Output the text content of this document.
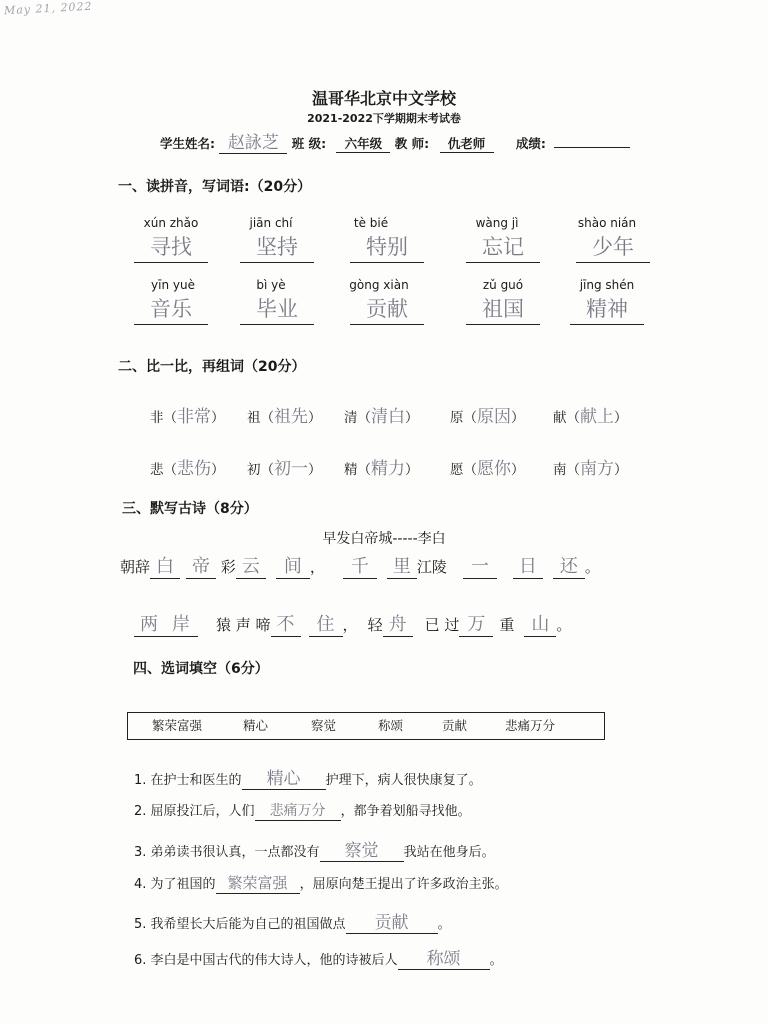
May 21, 2022
温哥华北京中文学校
2021-2022下学期期末考试卷
学生姓名: 赵詠芝 班 级: 六年级 教 师: 仇老师 成绩:
一、读拼音，写词语:（20分）
xún zhǎo	jiān chí	tè bié	wàng jì	shào nián
寻找	坚持	特别	忘记	少年
yīn yuè	bì yè	gòng xiàn	zǔ guó	jīng shén
音乐	毕业	贡献	祖国	精神
二、比一比，再组词（20分）
非（非常） 祖（祖先） 清（清白） 原（原因） 献（献上）
悲（悲伤） 初（初一） 精（精力） 愿（愿你） 南（南方）
三、默写古诗（8分）
早发白帝城-----李白
朝辞 白 帝 彩 云 间 ， 千 里 江陵 一 日 还 。
两 岸 猿 声 啼 不 住 ， 轻 舟 已 过 万 重 山 。
四、选词填空（6分）
繁荣富强	精心	察觉	称颂	贡献	悲痛万分
1. 在护士和医生的 精心 护理下，病人很快康复了。
2. 屈原投江后，人们 悲痛万分 ，都争着划船寻找他。
3. 弟弟读书很认真，一点都没有 察觉 我站在他身后。
4. 为了祖国的 繁荣富强 ，屈原向楚王提出了许多政治主张。
5. 我希望长大后能为自己的祖国做点 贡献 。
6. 李白是中国古代的伟大诗人，他的诗被后人 称颂 。
